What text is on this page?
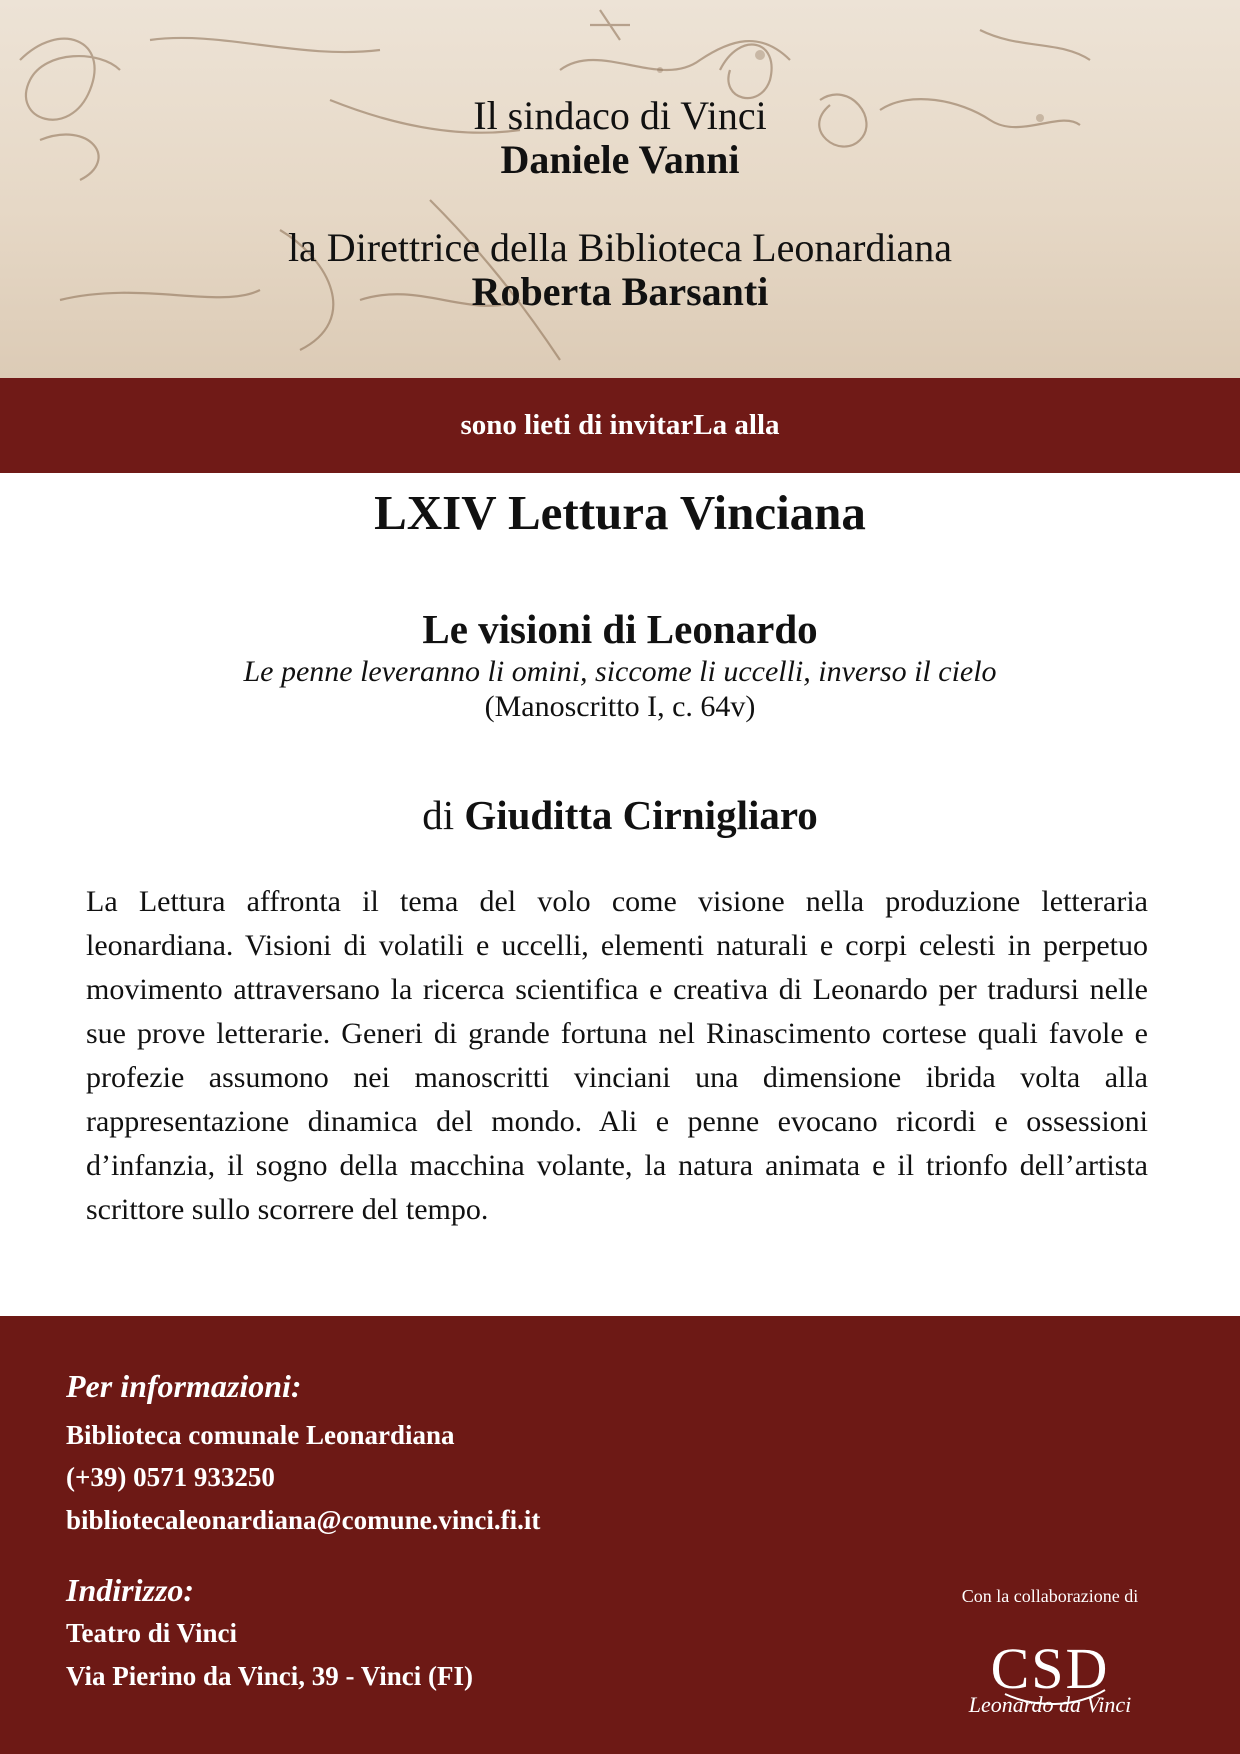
Il sindaco di Vinci
Daniele Vanni
la Direttrice della Biblioteca Leonardiana
Roberta Barsanti
sono lieti di invitarLa alla
LXIV Lettura Vinciana
Le visioni di Leonardo
Le penne leveranno li omini, siccome li uccelli, inverso il cielo
(Manoscritto I, c. 64v)
di Giuditta Cirnigliaro
La Lettura affronta il tema del volo come visione nella produzione letteraria leonardiana. Visioni di volatili e uccelli, elementi naturali e corpi celesti in perpetuo movimento attraversano la ricerca scientifica e creativa di Leonardo per tradursi nelle sue prove letterarie. Generi di grande fortuna nel Rinascimento cortese quali favole e profezie assumono nei manoscritti vinciani una dimensione ibrida volta alla rappresentazione dinamica del mondo. Ali e penne evocano ricordi e ossessioni d’infanzia, il sogno della macchina volante, la natura animata e il trionfo dell’artista scrittore sullo scorrere del tempo.
Per informazioni:
Biblioteca comunale Leonardiana
(+39) 0571 933250
bibliotecaleonardiana@comune.vinci.fi.it
Indirizzo:
Teatro di Vinci
Via Pierino da Vinci, 39 - Vinci (FI)
Con la collaborazione di
CSD
Leonardo da Vinci
